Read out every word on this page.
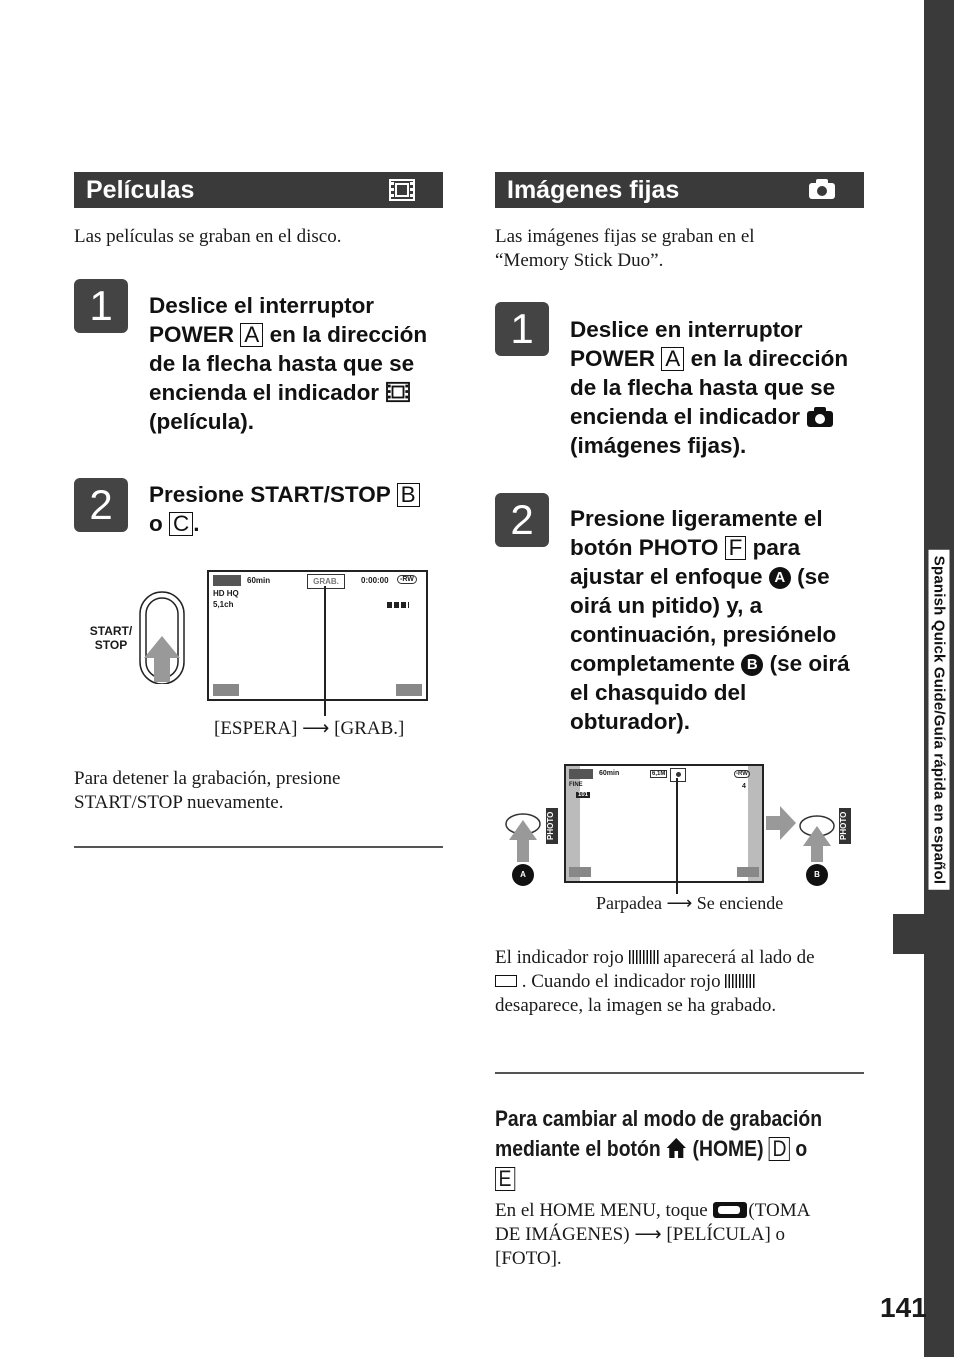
Spanish Quick Guide/Guía rápida en español
Películas
Las películas se graban en el disco.
1	Deslice el interruptor
POWER A en la dirección
de la flecha hasta que se
encienda el indicador
(película).
2	Presione START/STOP B
o C .
START/
STOP
60min	GRAB.	0:00:00	-RW
HD HQ
5,1ch
[ESPERA] ⟶ [GRAB.]
Para detener la grabación, presione START/STOP nuevamente.
Imágenes fijas
Las imágenes fijas se graban en el “Memory Stick Duo”.
1	Deslice en interruptor
POWER A en la dirección
de la flecha hasta que se
encienda el indicador
(imágenes fijas).
2	Presione ligeramente el
botón PHOTO F para
ajustar el enfoque A (se
oirá un pitido) y, a
continuación, presiónelo
completamente B (se oirá
el chasquido del
obturador).
PHOTO
A
60min	6,1M	-RW
FINE
101
4
PHOTO
B
Parpadea ⟶ Se enciende
El indicador rojo aparecerá al lado de
. Cuando el indicador rojo
desaparece, la imagen se ha grabado.
Para cambiar al modo de grabación
mediante el botón (HOME) D o
E
En el HOME MENU, toque (TOMA
DE IMÁGENES) ⟶ [PELÍCULA] o
[FOTO].
141
